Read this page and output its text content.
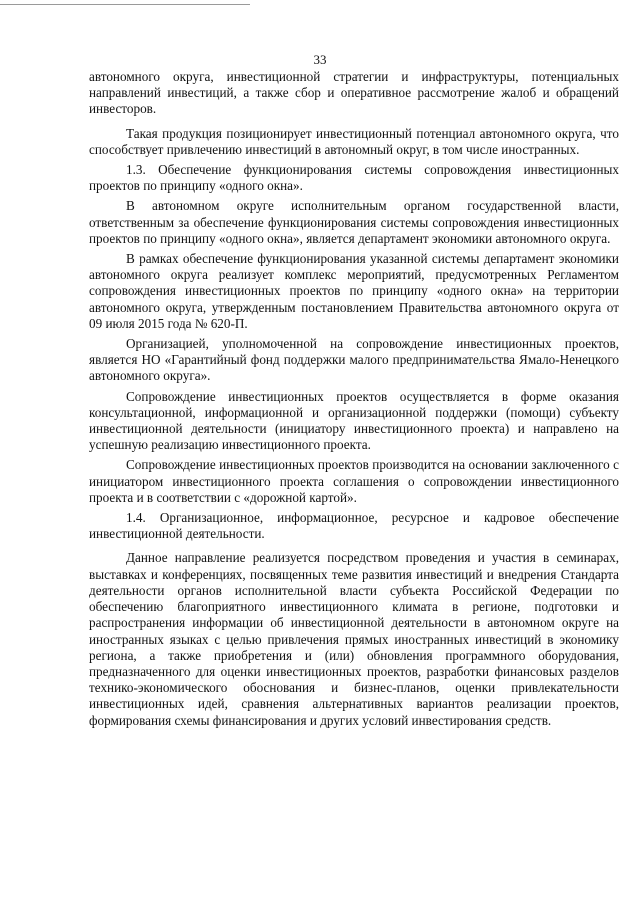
33

автономного округа, инвестиционной стратегии и инфраструктуры, потенциальных направлений инвестиций, а также сбор и оперативное рассмотрение жалоб и обращений инвесторов.

Такая продукция позиционирует инвестиционный потенциал автономного округа, что способствует привлечению инвестиций в автономный округ, в том числе иностранных.

1.3. Обеспечение функционирования системы сопровождения инвестиционных проектов по принципу «одного окна».

В автономном округе исполнительным органом государственной власти, ответственным за обеспечение функционирования системы сопровождения инвестиционных проектов по принципу «одного окна», является департамент экономики автономного округа.

В рамках обеспечение функционирования указанной системы департамент экономики автономного округа реализует комплекс мероприятий, предусмотренных Регламентом сопровождения инвестиционных проектов по принципу «одного окна» на территории автономного округа, утвержденным постановлением Правительства автономного округа от 09 июля 2015 года № 620-П.

Организацией, уполномоченной на сопровождение инвестиционных проектов, является НО «Гарантийный фонд поддержки малого предпринимательства Ямало-Ненецкого автономного округа».

Сопровождение инвестиционных проектов осуществляется в форме оказания консультационной, информационной и организационной поддержки (помощи) субъекту инвестиционной деятельности (инициатору инвестиционного проекта) и направлено на успешную реализацию инвестиционного проекта.

Сопровождение инвестиционных проектов производится на основании заключенного с инициатором инвестиционного проекта соглашения о сопровождении инвестиционного проекта и в соответствии с «дорожной картой».

1.4. Организационное, информационное, ресурсное и кадровое обеспечение инвестиционной деятельности.

Данное направление реализуется посредством проведения и участия в семинарах, выставках и конференциях, посвященных теме развития инвестиций и внедрения Стандарта деятельности органов исполнительной власти субъекта Российской Федерации по обеспечению благоприятного инвестиционного климата в регионе, подготовки и распространения информации об инвестиционной деятельности в автономном округе на иностранных языках с целью привлечения прямых иностранных инвестиций в экономику региона, а также приобретения и (или) обновления программного оборудования, предназначенного для оценки инвестиционных проектов, разработки финансовых разделов технико-экономического обоснования и бизнес-планов, оценки привлекательности инвестиционных идей, сравнения альтернативных вариантов реализации проектов, формирования схемы финансирования и других условий инвестирования средств.
